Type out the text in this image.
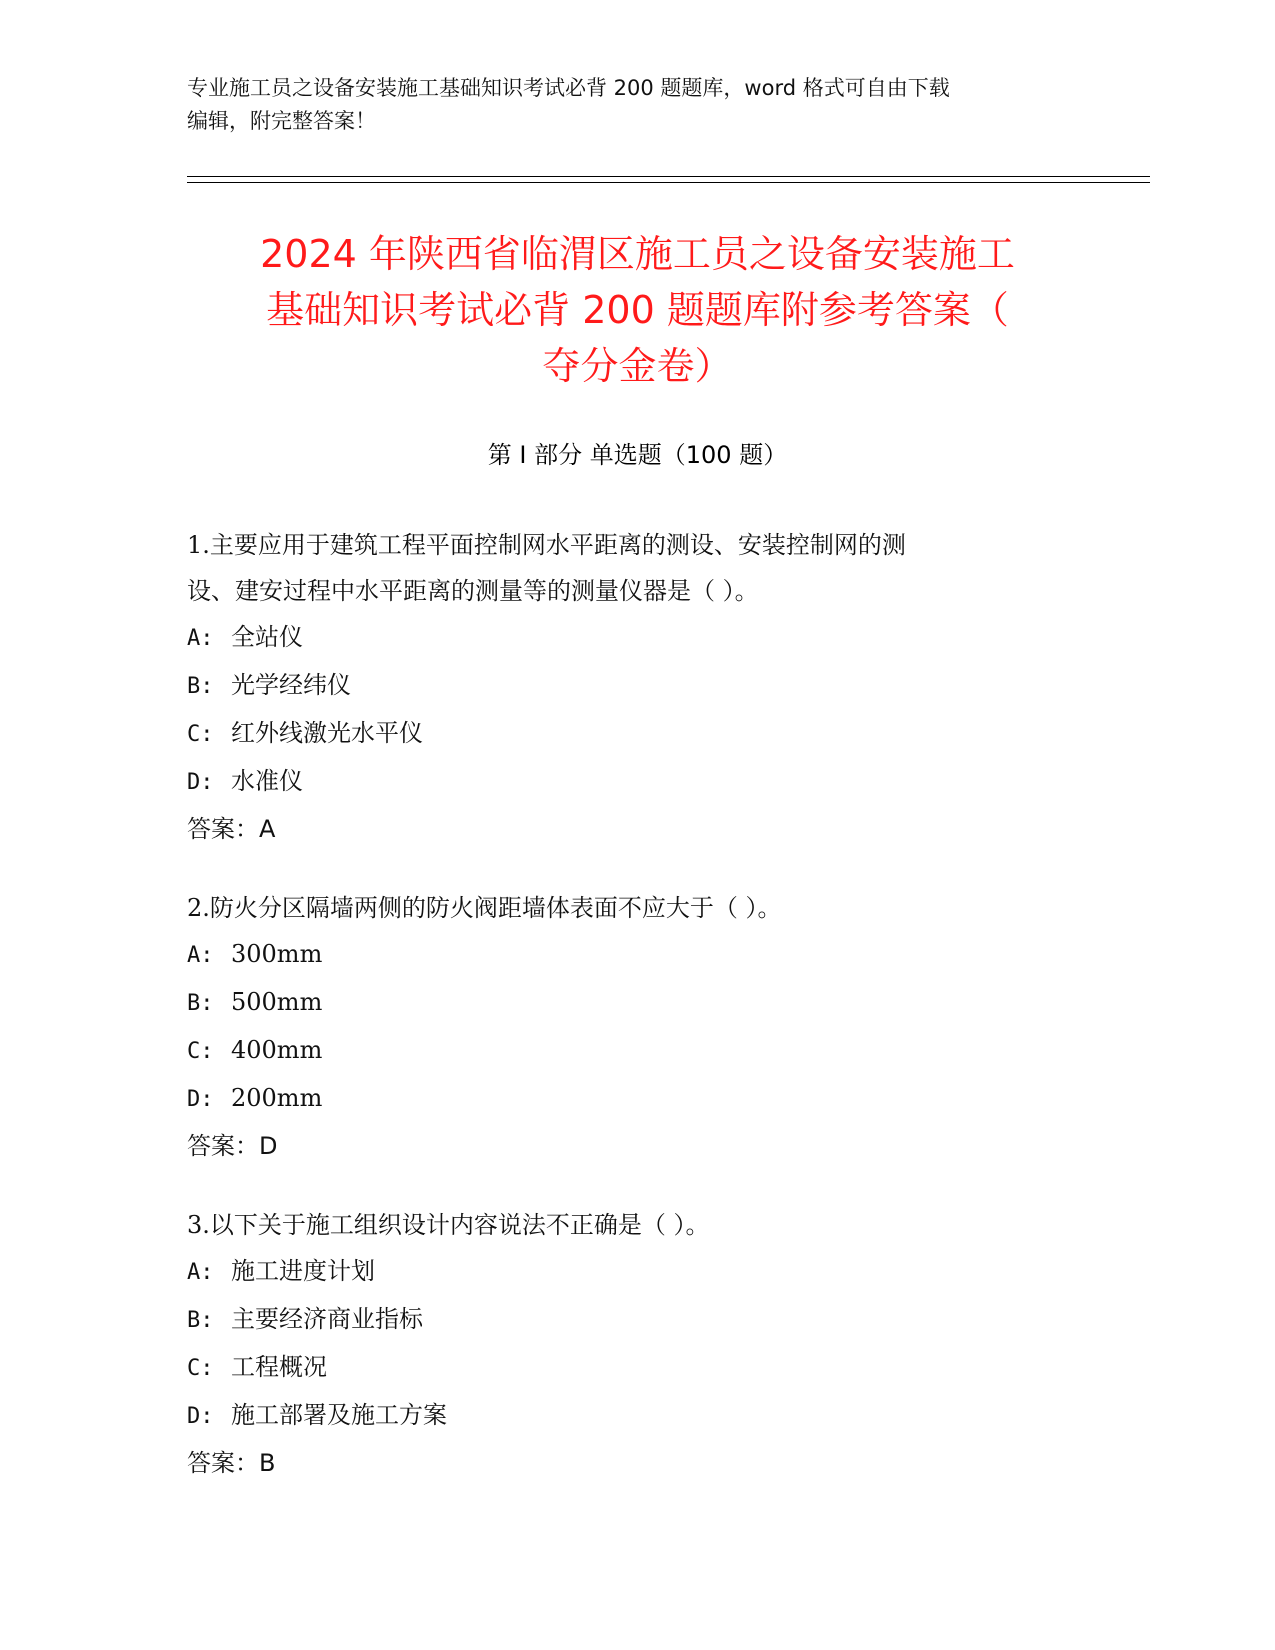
专业施工员之设备安装施工基础知识考试必背 200 题题库，word 格式可自由下载
编辑，附完整答案！
2024 年陕西省临渭区施工员之设备安装施工
基础知识考试必背 200 题题库附参考答案（
夺分金卷）
第 I 部分 单选题（100 题）
1.主要应用于建筑工程平面控制网水平距离的测设、安装控制网的测
设、建安过程中水平距离的测量等的测量仪器是（ ）。
A: 全站仪
B: 光学经纬仪
C: 红外线激光水平仪
D: 水准仪
答案：A
2.防火分区隔墙两侧的防火阀距墙体表面不应大于（ ）。
A: 300mm
B: 500mm
C: 400mm
D: 200mm
答案：D
3.以下关于施工组织设计内容说法不正确是（ ）。
A: 施工进度计划
B: 主要经济商业指标
C: 工程概况
D: 施工部署及施工方案
答案：B
